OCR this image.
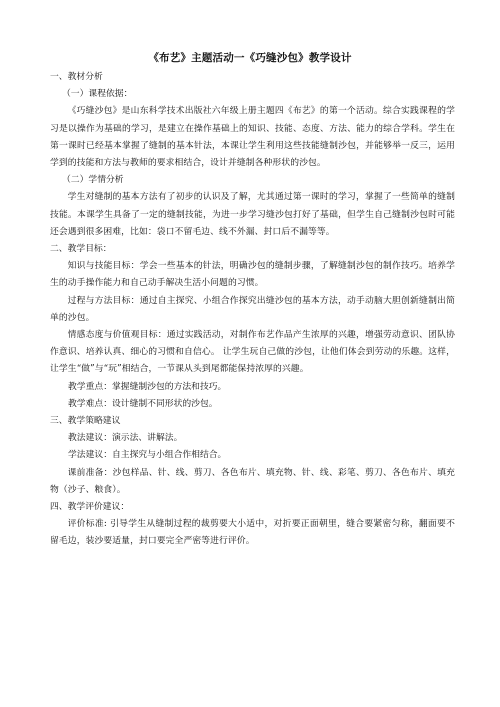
《布艺》主题活动一《巧缝沙包》教学设计

一、教材分析

（一）课程依据：

《巧缝沙包》是山东科学技术出版社六年级上册主题四《布艺》的第一个活动。综合实践课程的学习是以操作为基础的学习，是建立在操作基础上的知识、技能、态度、方法、能力的综合学科。学生在第一课时已经基本掌握了缝制的基本针法，本课让学生利用这些技能缝制沙包，并能够举一反三，运用学到的技能和方法与教师的要求相结合，设计并缝制各种形状的沙包。

（二）学情分析

学生对缝制的基本方法有了初步的认识及了解，尤其通过第一课时的学习，掌握了一些简单的缝制技能。本课学生具备了一定的缝制技能，为进一步学习缝沙包打好了基础，但学生自己缝制沙包时可能还会遇到很多困难，比如：袋口不留毛边、线不外漏、封口后不漏等等。

二、教学目标：

知识与技能目标：学会一些基本的针法，明确沙包的缝制步骤，了解缝制沙包的制作技巧。培养学生的动手操作能力和自己动手解决生活小问题的习惯。

过程与方法目标：通过自主探究、小组合作探究出缝沙包的基本方法，动手动脑大胆创新缝制出简单的沙包。

情感态度与价值观目标：通过实践活动，对制作布艺作品产生浓厚的兴趣，增强劳动意识、团队协作意识、培养认真、细心的习惯和自信心。 让学生玩自己做的沙包，让他们体会到劳动的乐趣。这样，让学生“做”与“玩”相结合，一节课从头到尾都能保持浓厚的兴趣。

教学重点：掌握缝制沙包的方法和技巧。

教学难点：设计缝制不同形状的沙包。

三、教学策略建议

教法建议：演示法、讲解法。

学法建议：自主探究与小组合作相结合。

课前准备：沙包样品、针、线、剪刀、各色布片、填充物、针、线、彩笔、剪刀、各色布片、填充物（沙子、粮食）。

四、教学评价建议：

评价标准: 引导学生从缝制过程的裁剪要大小适中，对折要正面朝里，缝合要紧密匀称，翻面要不留毛边，装沙要适量，封口要完全严密等进行评价。
